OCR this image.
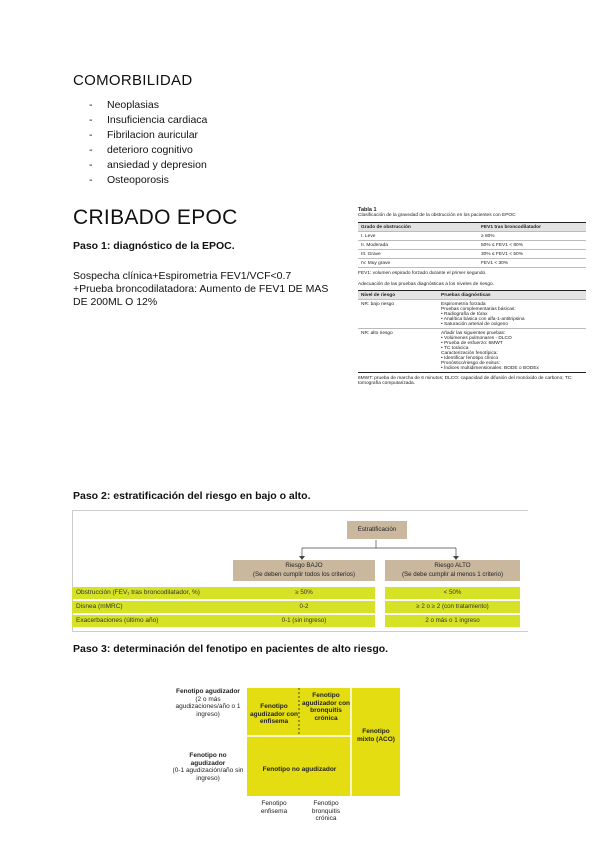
COMORBILIDAD
-	Neoplasias
-	Insuficiencia cardiaca
-	Fibrilacion auricular
-	deterioro cognitivo
-	ansiedad y depresion
-	Osteoporosis
CRIBADO EPOC
Paso 1: diagnóstico de la EPOC.
Sospecha clínica+Espirometria FEV1/VCF<0.7
+Prueba broncodilatadora: Aumento de FEV1 DE MAS
DE 200ML O 12%
Tabla 1
Clasificación de la gravedad de la obstrucción en los pacientes con EPOC
Grado de obstrucción	FEV1 tras broncodilatador
I. Leve	≥ 80%
II. Moderada	50% ≤ FEV1 < 80%
III. Grave	30% ≤ FEV1 < 50%
IV. Muy grave	FEV1 < 30%
FEV1: volumen espirado forzado durante el primer segundo.
Adecuación de las pruebas diagnósticas a los niveles de riesgo.
Nivel de riesgo	Pruebas diagnósticas
NR: bajo riesgo	Espirometría forzada
Pruebas complementarias básicas:
• Radiografía de tórax
• Analítica básica con alfa-1-antitripsina
• Saturación arterial de oxígeno
NR: alto riesgo	Añadir las siguientes pruebas:
• Volúmenes pulmonares - DLCO
• Prueba de esfuerzo: 6MWT
• TC torácica
Caracterización fenotípica:
• Identificar fenotipo clínico
Pronóstico/riesgo de exitus:
• Índices multidimensionales: BODE o BODEx
6MWT: prueba de marcha de 6 minutos; DLCO: capacidad de difusión del monóxido de carbono; TC: tomografía computarizada.
Paso 2: estratificación del riesgo en bajo o alto.
Estratificación
Riesgo BAJO
(Se deben cumplir todos los criterios)
Riesgo ALTO
(Se debe cumplir al menos 1 criterio)
Obstrucción (FEV₁ tras broncodilatador, %)	≥ 50%	< 50%
Disnea (mMRC)	0-2	≥ 2 o ≥ 2 (con tratamiento)
Exacerbaciones (último año)	0-1 (sin ingreso)	2 o más o 1 ingreso
Paso 3: determinación del fenotipo en pacientes de alto riesgo.
Fenotipo agudizador
(2 o más agudizaciones/año o 1 ingreso)
Fenotipo no agudizador
(0-1 agudización/año sin ingreso)
Fenotipo agudizador con enfisema
Fenotipo agudizador con bronquitis crónica
Fenotipo mixto (ACO)
Fenotipo no agudizador
Fenotipo enfisema
Fenotipo bronquitis crónica
